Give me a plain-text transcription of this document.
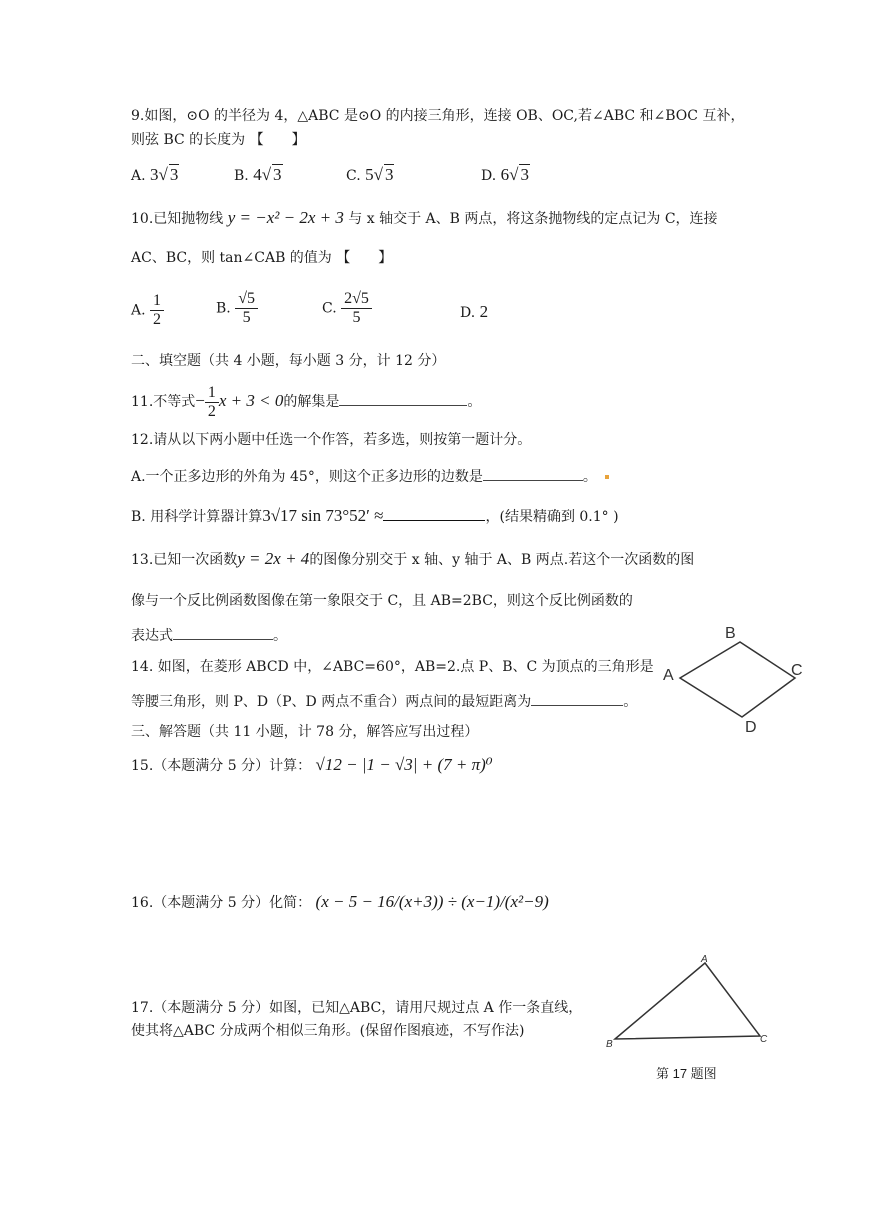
9.如图，⊙O 的半径为 4，△ABC 是⊙O 的内接三角形，连接 OB、OC,若∠ABC 和∠BOC 互补，
则弦 BC 的长度为 【　　】
A. 3√ 3	B. 4√ 3	C. 5√ 3	D. 6√ 3
10.已知抛物线 y = −x² − 2x + 3 与 x 轴交于 A、B 两点，将这条抛物线的定点记为 C，连接
AC、BC，则 tan∠CAB 的值为 【　　】
A. $\frac{1}{2}$	B. $\frac{√5}{5}$	C. $\frac{2√5}{5}$	D. 2
二、填空题（共 4 小题，每小题 3 分，计 12 分）
11.不等式− $\frac{1}{2}$ x + 3 < 0的解集是	。
12.请从以下两小题中任选一个作答，若多选，则按第一题计分。
A.一个正多边形的外角为 45°，则这个正多边形的边数是	。
B. 用科学计算器计算3√17 sin 73°52′ ≈	，(结果精确到 0.1° )
13.已知一次函数y = 2x + 4的图像分别交于 x 轴、y 轴于 A、B 两点.若这个一次函数的图
像与一个反比例函数图像在第一象限交于 C，且 AB=2BC，则这个反比例函数的
表达式	。
14. 如图，在菱形 ABCD 中，∠ABC=60°，AB=2.点 P、B、C 为顶点的三角形是
等腰三角形，则 P、D（P、D 两点不重合）两点间的最短距离为	。
A
B
C
D
三、解答题（共 11 小题，计 78 分，解答应写出过程）
15.（本题满分 5 分）计算： √12 − |1 − √3| + (7 + π)⁰
16.（本题满分 5 分）化简： (x − 5 − 16/(x+3)) ÷ (x−1)/(x²−9)
17.（本题满分 5 分）如图，已知△ABC，请用尺规过点 A 作一条直线，
使其将△ABC 分成两个相似三角形。(保留作图痕迹，不写作法)
A
B	C
第 17 题图
